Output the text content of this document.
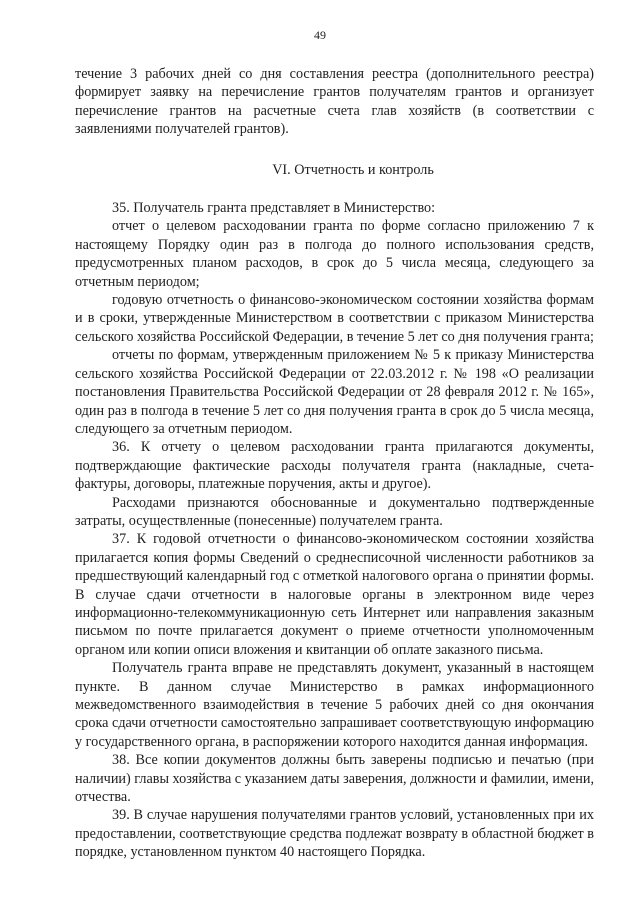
49

течение 3 рабочих дней со дня составления реестра (дополнительного реестра) формирует заявку на перечисление грантов получателям грантов и организует перечисление грантов на расчетные счета глав хозяйств (в соответствии с заявлениями получателей грантов).

VI. Отчетность и контроль

35. Получатель гранта представляет в Министерство:

отчет о целевом расходовании гранта по форме согласно приложению 7 к настоящему Порядку один раз в полгода до полного использования средств, предусмотренных планом расходов, в срок до 5 числа месяца, следующего за отчетным периодом;

годовую отчетность о финансово-экономическом состоянии хозяйства формам и в сроки, утвержденные Министерством в соответствии с приказом Министерства сельского хозяйства Российской Федерации, в течение 5 лет со дня получения гранта;

отчеты по формам, утвержденным приложением № 5 к приказу Министерства сельского хозяйства Российской Федерации от 22.03.2012 г. № 198 «О реализации постановления Правительства Российской Федерации от 28 февраля 2012 г. № 165», один раз в полгода в течение 5 лет со дня получения гранта в срок до 5 числа месяца, следующего за отчетным периодом.

36. К отчету о целевом расходовании гранта прилагаются документы, подтверждающие фактические расходы получателя гранта (накладные, счета-фактуры, договоры, платежные поручения, акты и другое).

Расходами признаются обоснованные и документально подтвержденные затраты, осуществленные (понесенные) получателем гранта.

37. К годовой отчетности о финансово-экономическом состоянии хозяйства прилагается копия формы Сведений о среднесписочной численности работников за предшествующий календарный год с отметкой налогового органа о принятии формы. В случае сдачи отчетности в налоговые органы в электронном виде через информационно-телекоммуникационную сеть Интернет или направления заказным письмом по почте прилагается документ о приеме отчетности уполномоченным органом или копии описи вложения и квитанции об оплате заказного письма.

Получатель гранта вправе не представлять документ, указанный в настоящем пункте. В данном случае Министерство в рамках информационного межведомственного взаимодействия в течение 5 рабочих дней со дня окончания срока сдачи отчетности самостоятельно запрашивает соответствующую информацию у государственного органа, в распоряжении которого находится данная информация.

38. Все копии документов должны быть заверены подписью и печатью (при наличии) главы хозяйства с указанием даты заверения, должности и фамилии, имени, отчества.

39. В случае нарушения получателями грантов условий, установленных при их предоставлении, соответствующие средства подлежат возврату в областной бюджет в порядке, установленном пунктом 40 настоящего Порядка.
